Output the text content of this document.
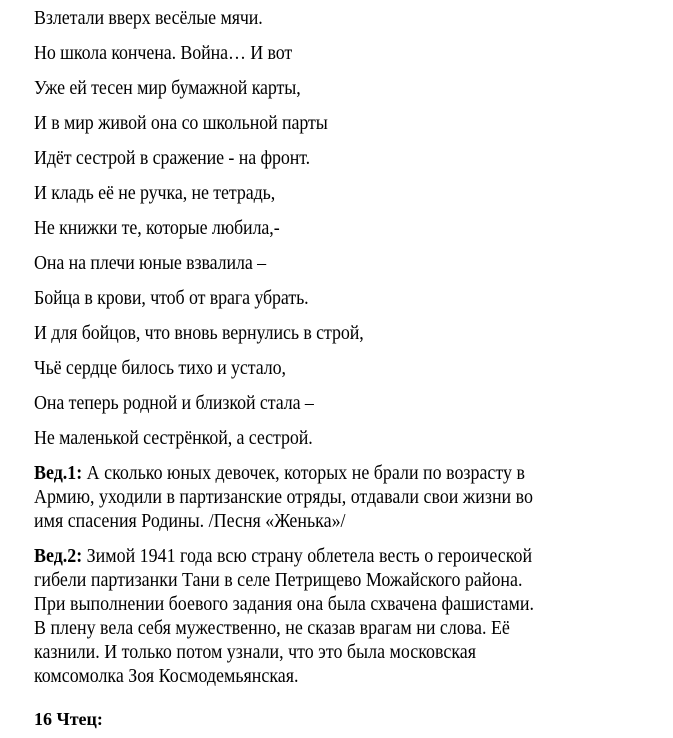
Взлетали вверх весёлые мячи.
Но школа кончена. Война… И вот
Уже ей тесен мир бумажной карты,
И в мир живой она со школьной парты
Идёт сестрой в сражение - на фронт.
И кладь её не ручка, не тетрадь,
Не книжки те, которые любила,-
Она на плечи юные взвалила –
Бойца в крови, чтоб от врага убрать.
И для бойцов, что вновь вернулись в строй,
Чьё сердце билось тихо и устало,
Она теперь родной и близкой стала –
Не маленькой сестрёнкой, а сестрой.
Вед.1: А сколько юных девочек, которых не брали по возрасту в
Армию, уходили в партизанские отряды, отдавали свои жизни во
имя спасения Родины. /Песня «Женька»/
Вед.2: Зимой 1941 года всю страну облетела весть о героической
гибели партизанки Тани в селе Петрищево Можайского района.
При выполнении боевого задания она была схвачена фашистами.
В плену вела себя мужественно, не сказав врагам ни слова. Её
казнили. И только потом узнали, что это была московская
комсомолка Зоя Космодемьянская.
16 Чтец:
